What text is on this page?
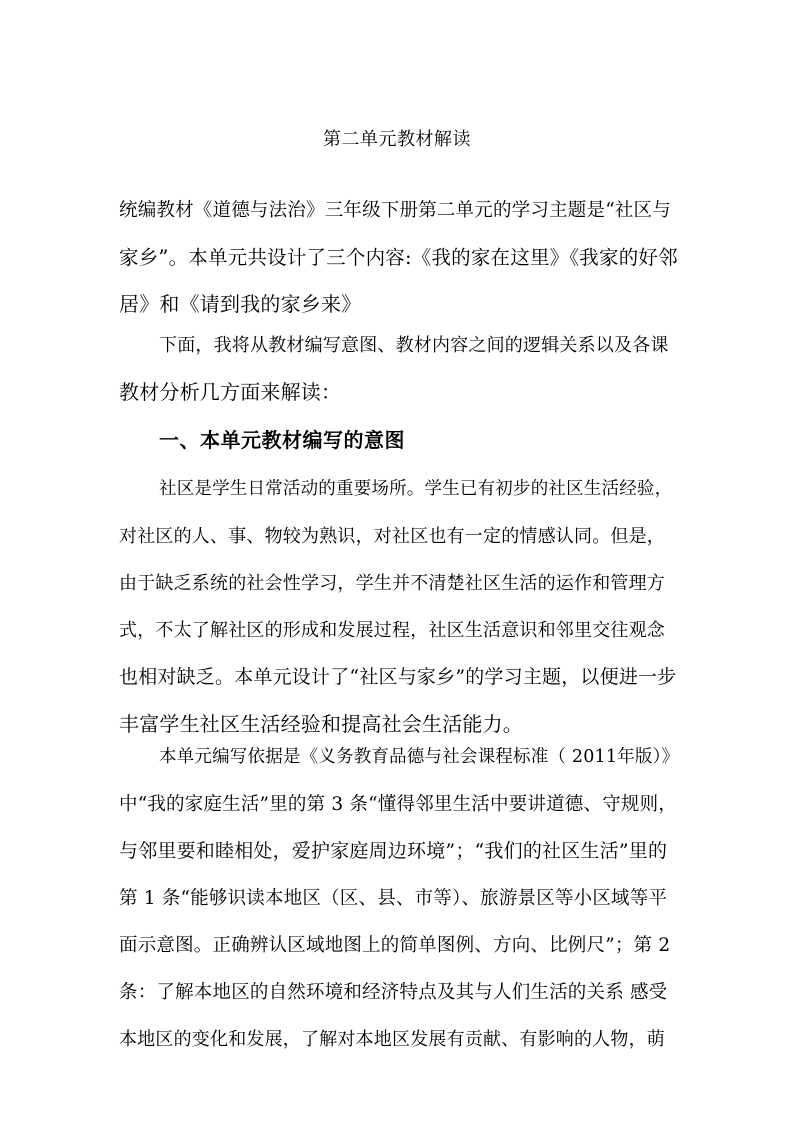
第二单元教材解读
统编教材《道德与法治》三年级下册第二单元的学习主题是“社区与
家乡”。本单元共设计了三个内容:《我的家在这里》《我家的好邻
居》和《请到我的家乡来》
下面，我将从教材编写意图、教材内容之间的逻辑关系以及各课
教材分析几方面来解读：
一、本单元教材编写的意图
社区是学生日常活动的重要场所。学生已有初步的社区生活经验，
对社区的人、事、物较为熟识，对社区也有一定的情感认同。但是，
由于缺乏系统的社会性学习，学生并不清楚社区生活的运作和管理方
式，不太了解社区的形成和发展过程，社区生活意识和邻里交往观念
也相对缺乏。本单元设计了“社区与家乡”的学习主题，以便进一步
丰富学生社区生活经验和提高社会生活能力。
本单元编写依据是《义务教育品德与社会课程标准（ 2011年版）》
中“我的家庭生活”里的第 3 条“懂得邻里生活中要讲道德、守规则，
与邻里要和睦相处，爱护家庭周边环境”；“我们的社区生活”里的
第 1 条“能够识读本地区（区、县、市等）、旅游景区等小区域等平
面示意图。正确辨认区域地图上的简单图例、方向、比例尺”；第 2
条：了解本地区的自然环境和经济特点及其与人们生活的关系 感受
本地区的变化和发展，了解对本地区发展有贡献、有影响的人物，萌
